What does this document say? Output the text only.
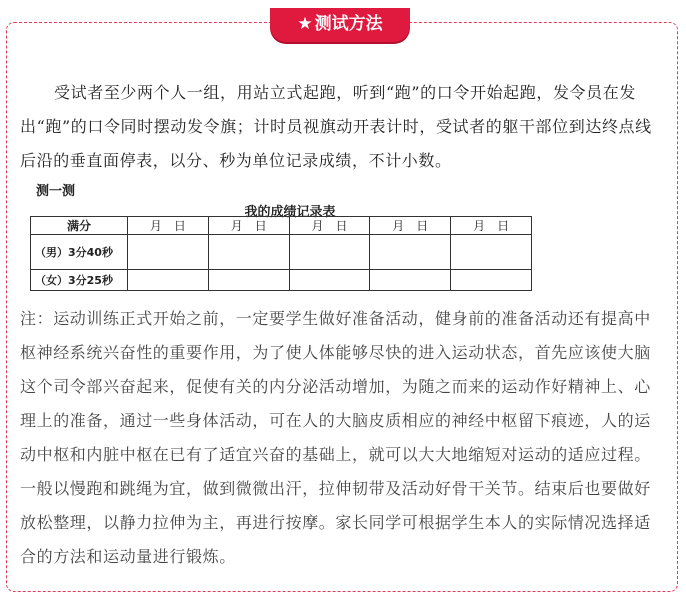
★ 测试方法
受试者至少两个人一组，用站立式起跑，听到“跑”的口令开始起跑，发令员在发出“跑”的口令同时摆动发令旗；计时员视旗动开表计时，受试者的躯干部位到达终点线后沿的垂直面停表，以分、秒为单位记录成绩，不计小数。
测一测
我的成绩记录表
满分	月　日	月　日	月　日	月　日	月　日
（男）3分40秒					
（女）3分25秒					
注：运动训练正式开始之前，一定要学生做好准备活动，健身前的准备活动还有提高中枢神经系统兴奋性的重要作用，为了使人体能够尽快的进入运动状态，首先应该使大脑这个司令部兴奋起来，促使有关的内分泌活动增加，为随之而来的运动作好精神上、心理上的准备，通过一些身体活动，可在人的大脑皮质相应的神经中枢留下痕迹，人的运动中枢和内脏中枢在已有了适宜兴奋的基础上，就可以大大地缩短对运动的适应过程。一般以慢跑和跳绳为宜，做到微微出汗，拉伸韧带及活动好骨干关节。结束后也要做好放松整理，以静力拉伸为主，再进行按摩。家长同学可根据学生本人的实际情况选择适合的方法和运动量进行锻炼。
